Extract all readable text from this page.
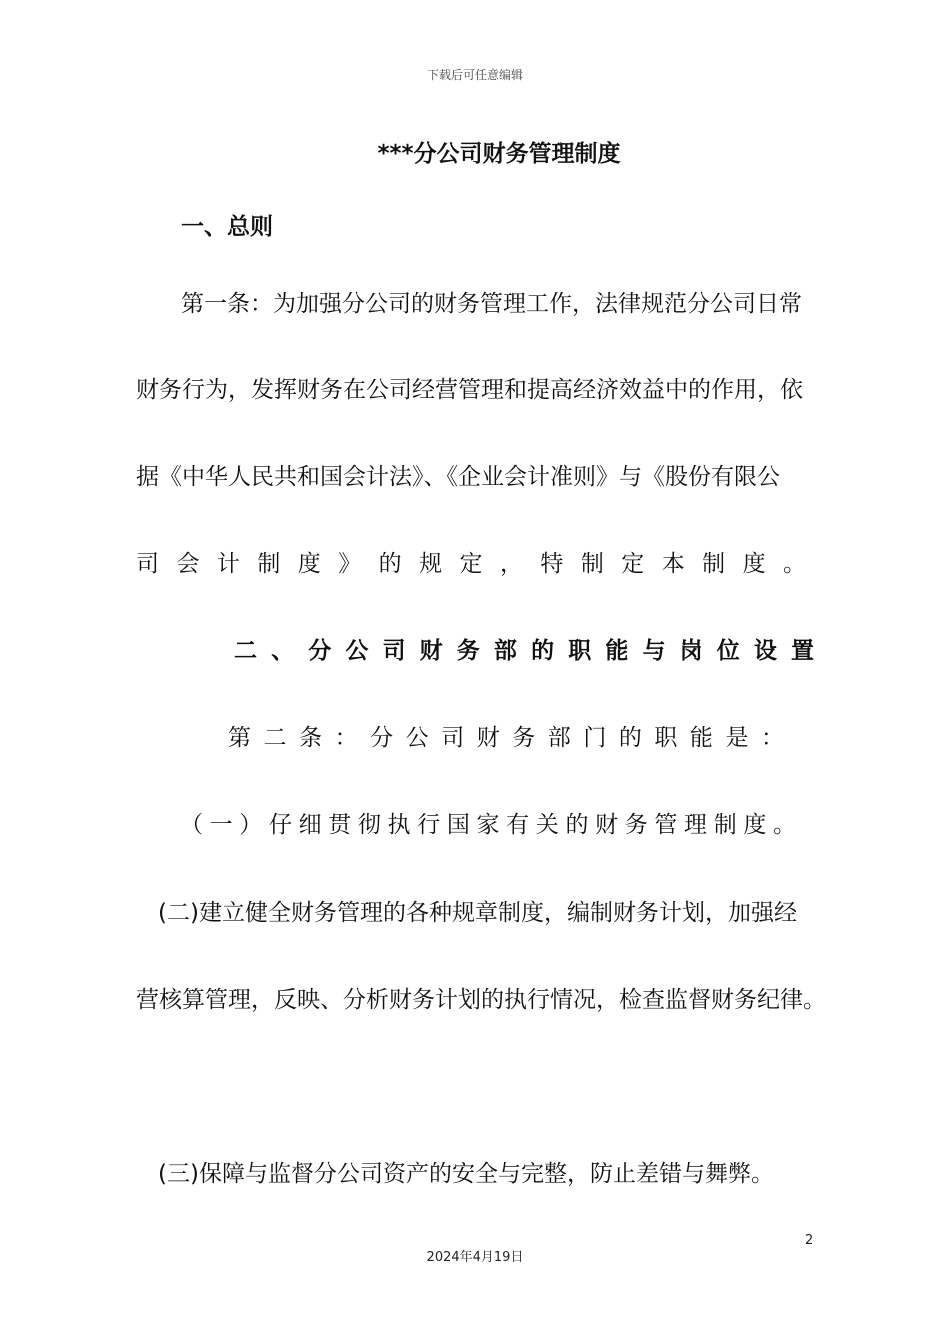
下载后可任意编辑
***分公司财务管理制度
一、总则
第一条：为加强分公司的财务管理工作，法律规范分公司日常
财务行为，发挥财务在公司经营管理和提高经济效益中的作用，依
据《中华人民共和国会计法》、《企业会计准则》与《股份有限公
司会计制度》的规定，特制定本制度。
二、分公司财务部的职能与岗位设置
第二条：分公司财务部门的职能是：
（一）仔细贯彻执行国家有关的财务管理制度。
(二)建立健全财务管理的各种规章制度，编制财务计划，加强经
营核算管理，反映、分析财务计划的执行情况，检查监督财务纪律。
(三)保障与监督分公司资产的安全与完整，防止差错与舞弊。
2
2024年4月19日
